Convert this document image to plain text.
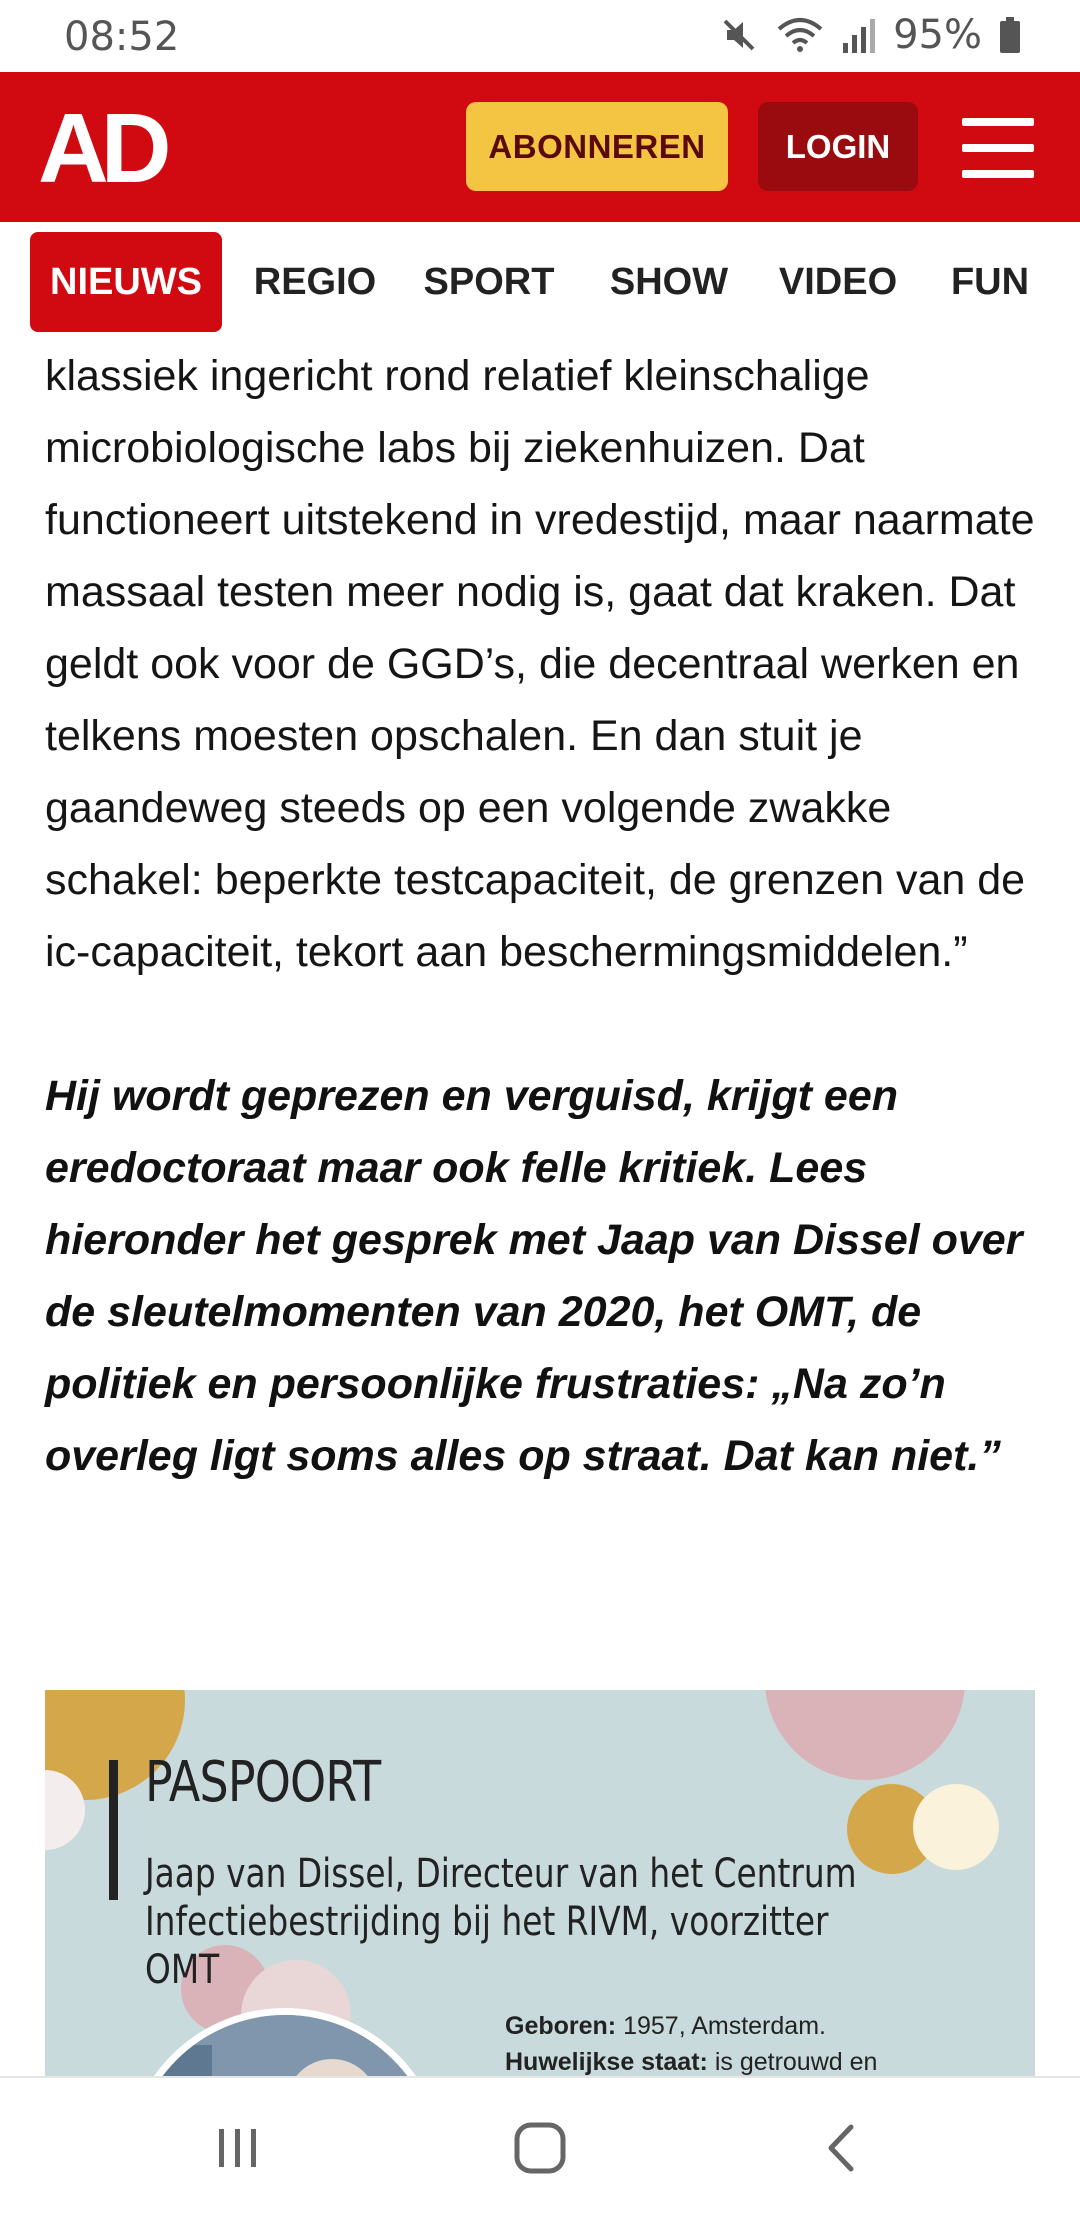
08:52	95%
AD	ABONNEREN	LOGIN
NIEUWS	REGIO	SPORT	SHOW	VIDEO FUN

klassiek ingericht rond relatief kleinschalige microbiologische labs bij ziekenhuizen. Dat functioneert uitstekend in vredestijd, maar naarmate massaal testen meer nodig is, gaat dat kraken. Dat geldt ook voor de GGD’s, die decentraal werken en telkens moesten opschalen. En dan stuit je gaandeweg steeds op een volgende zwakke schakel: beperkte testcapaciteit, de grenzen van de ic-capaciteit, tekort aan beschermingsmiddelen.”

Hij wordt geprezen en verguisd, krijgt een eredoctoraat maar ook felle kritiek. Lees hieronder het gesprek met Jaap van Dissel over de sleutelmomenten van 2020, het OMT, de politiek en persoonlijke frustraties: „Na zo’n overleg ligt soms alles op straat. Dat kan niet.”

PASPOORT
Jaap van Dissel, Directeur van het Centrum Infectiebestrijding bij het RIVM, voorzitter OMT
Geboren: 1957, Amsterdam.
Huwelijkse staat: is getrouwd en
